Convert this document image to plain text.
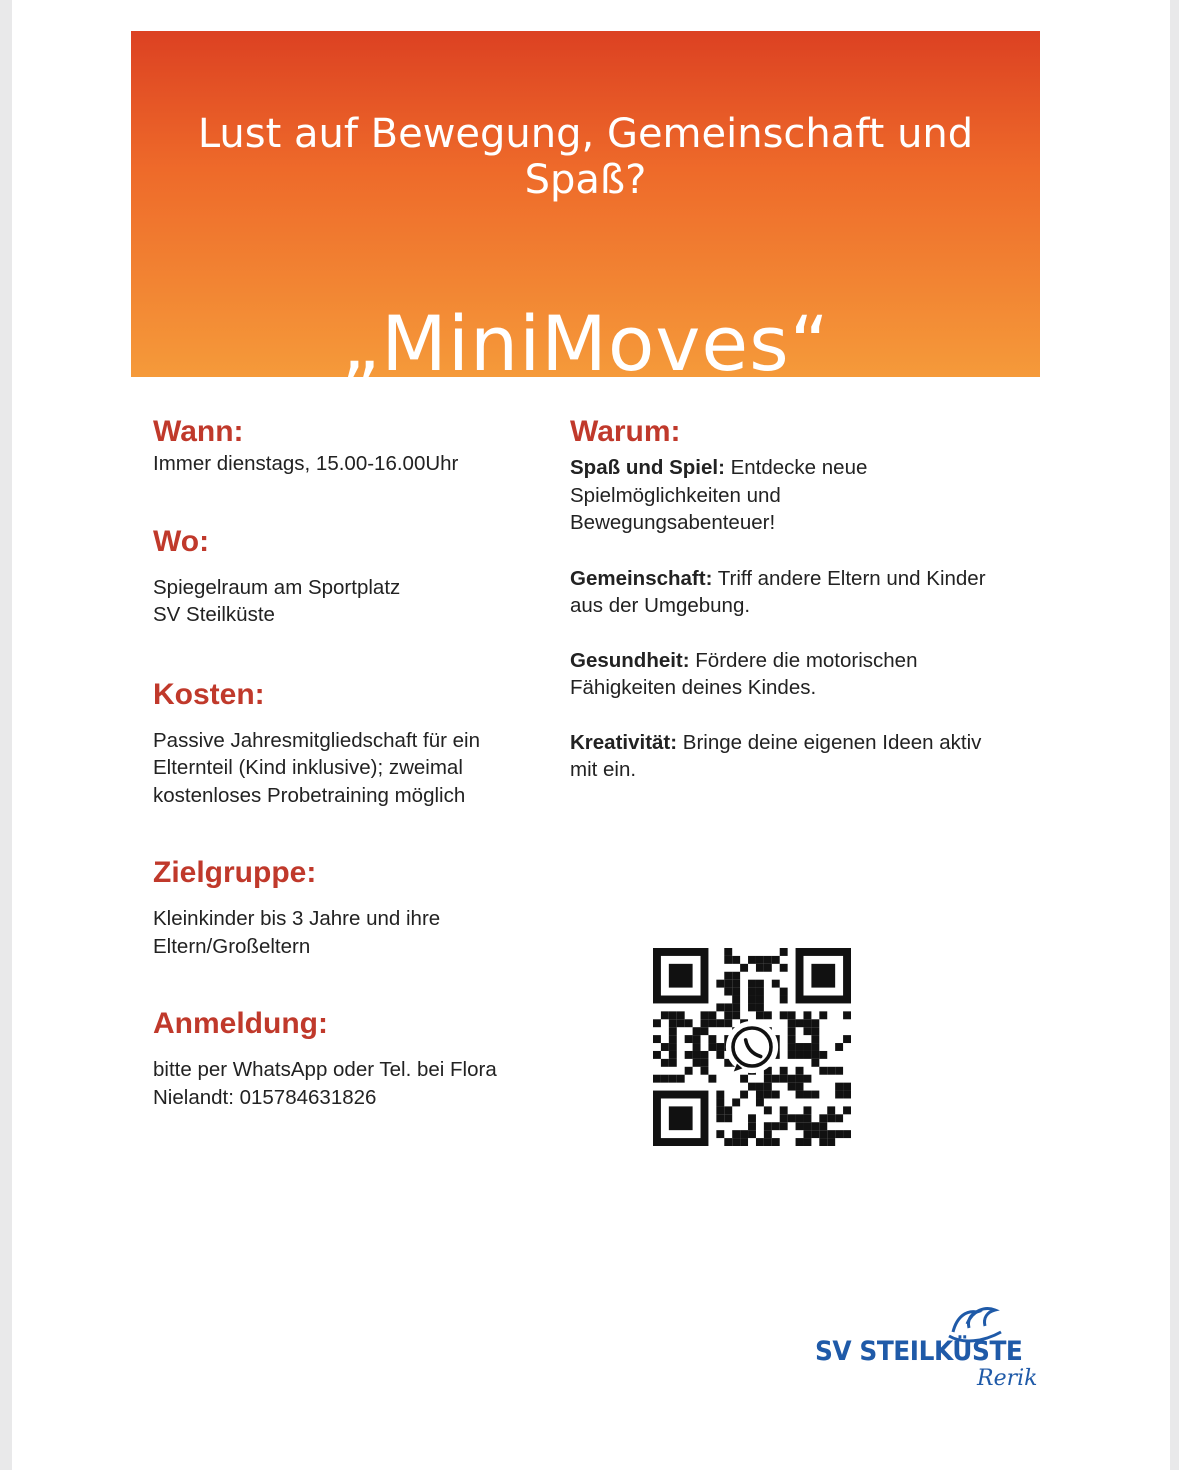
Lust auf Bewegung, Gemeinschaft und Spaß?
„MiniMoves“
Wann:

Immer dienstags, 15.00-16.00Uhr

Wo:

Spiegelraum am Sportplatz
SV Steilküste

Kosten:

Passive Jahresmitgliedschaft für ein Elternteil (Kind inklusive); zweimal kostenloses Probetraining möglich

Zielgruppe:

Kleinkinder bis 3 Jahre und ihre Eltern/Großeltern

Anmeldung:

bitte per WhatsApp oder Tel. bei Flora Nielandt: 015784631826

Warum:

Spaß und Spiel: Entdecke neue Spielmöglichkeiten und Bewegungsabenteuer!

Gemeinschaft: Triff andere Eltern und Kinder aus der Umgebung.

Gesundheit: Fördere die motorischen Fähigkeiten deines Kindes.

Kreativität: Bringe deine eigenen Ideen aktiv mit ein.

SV STEILKÜSTE
Rerik
